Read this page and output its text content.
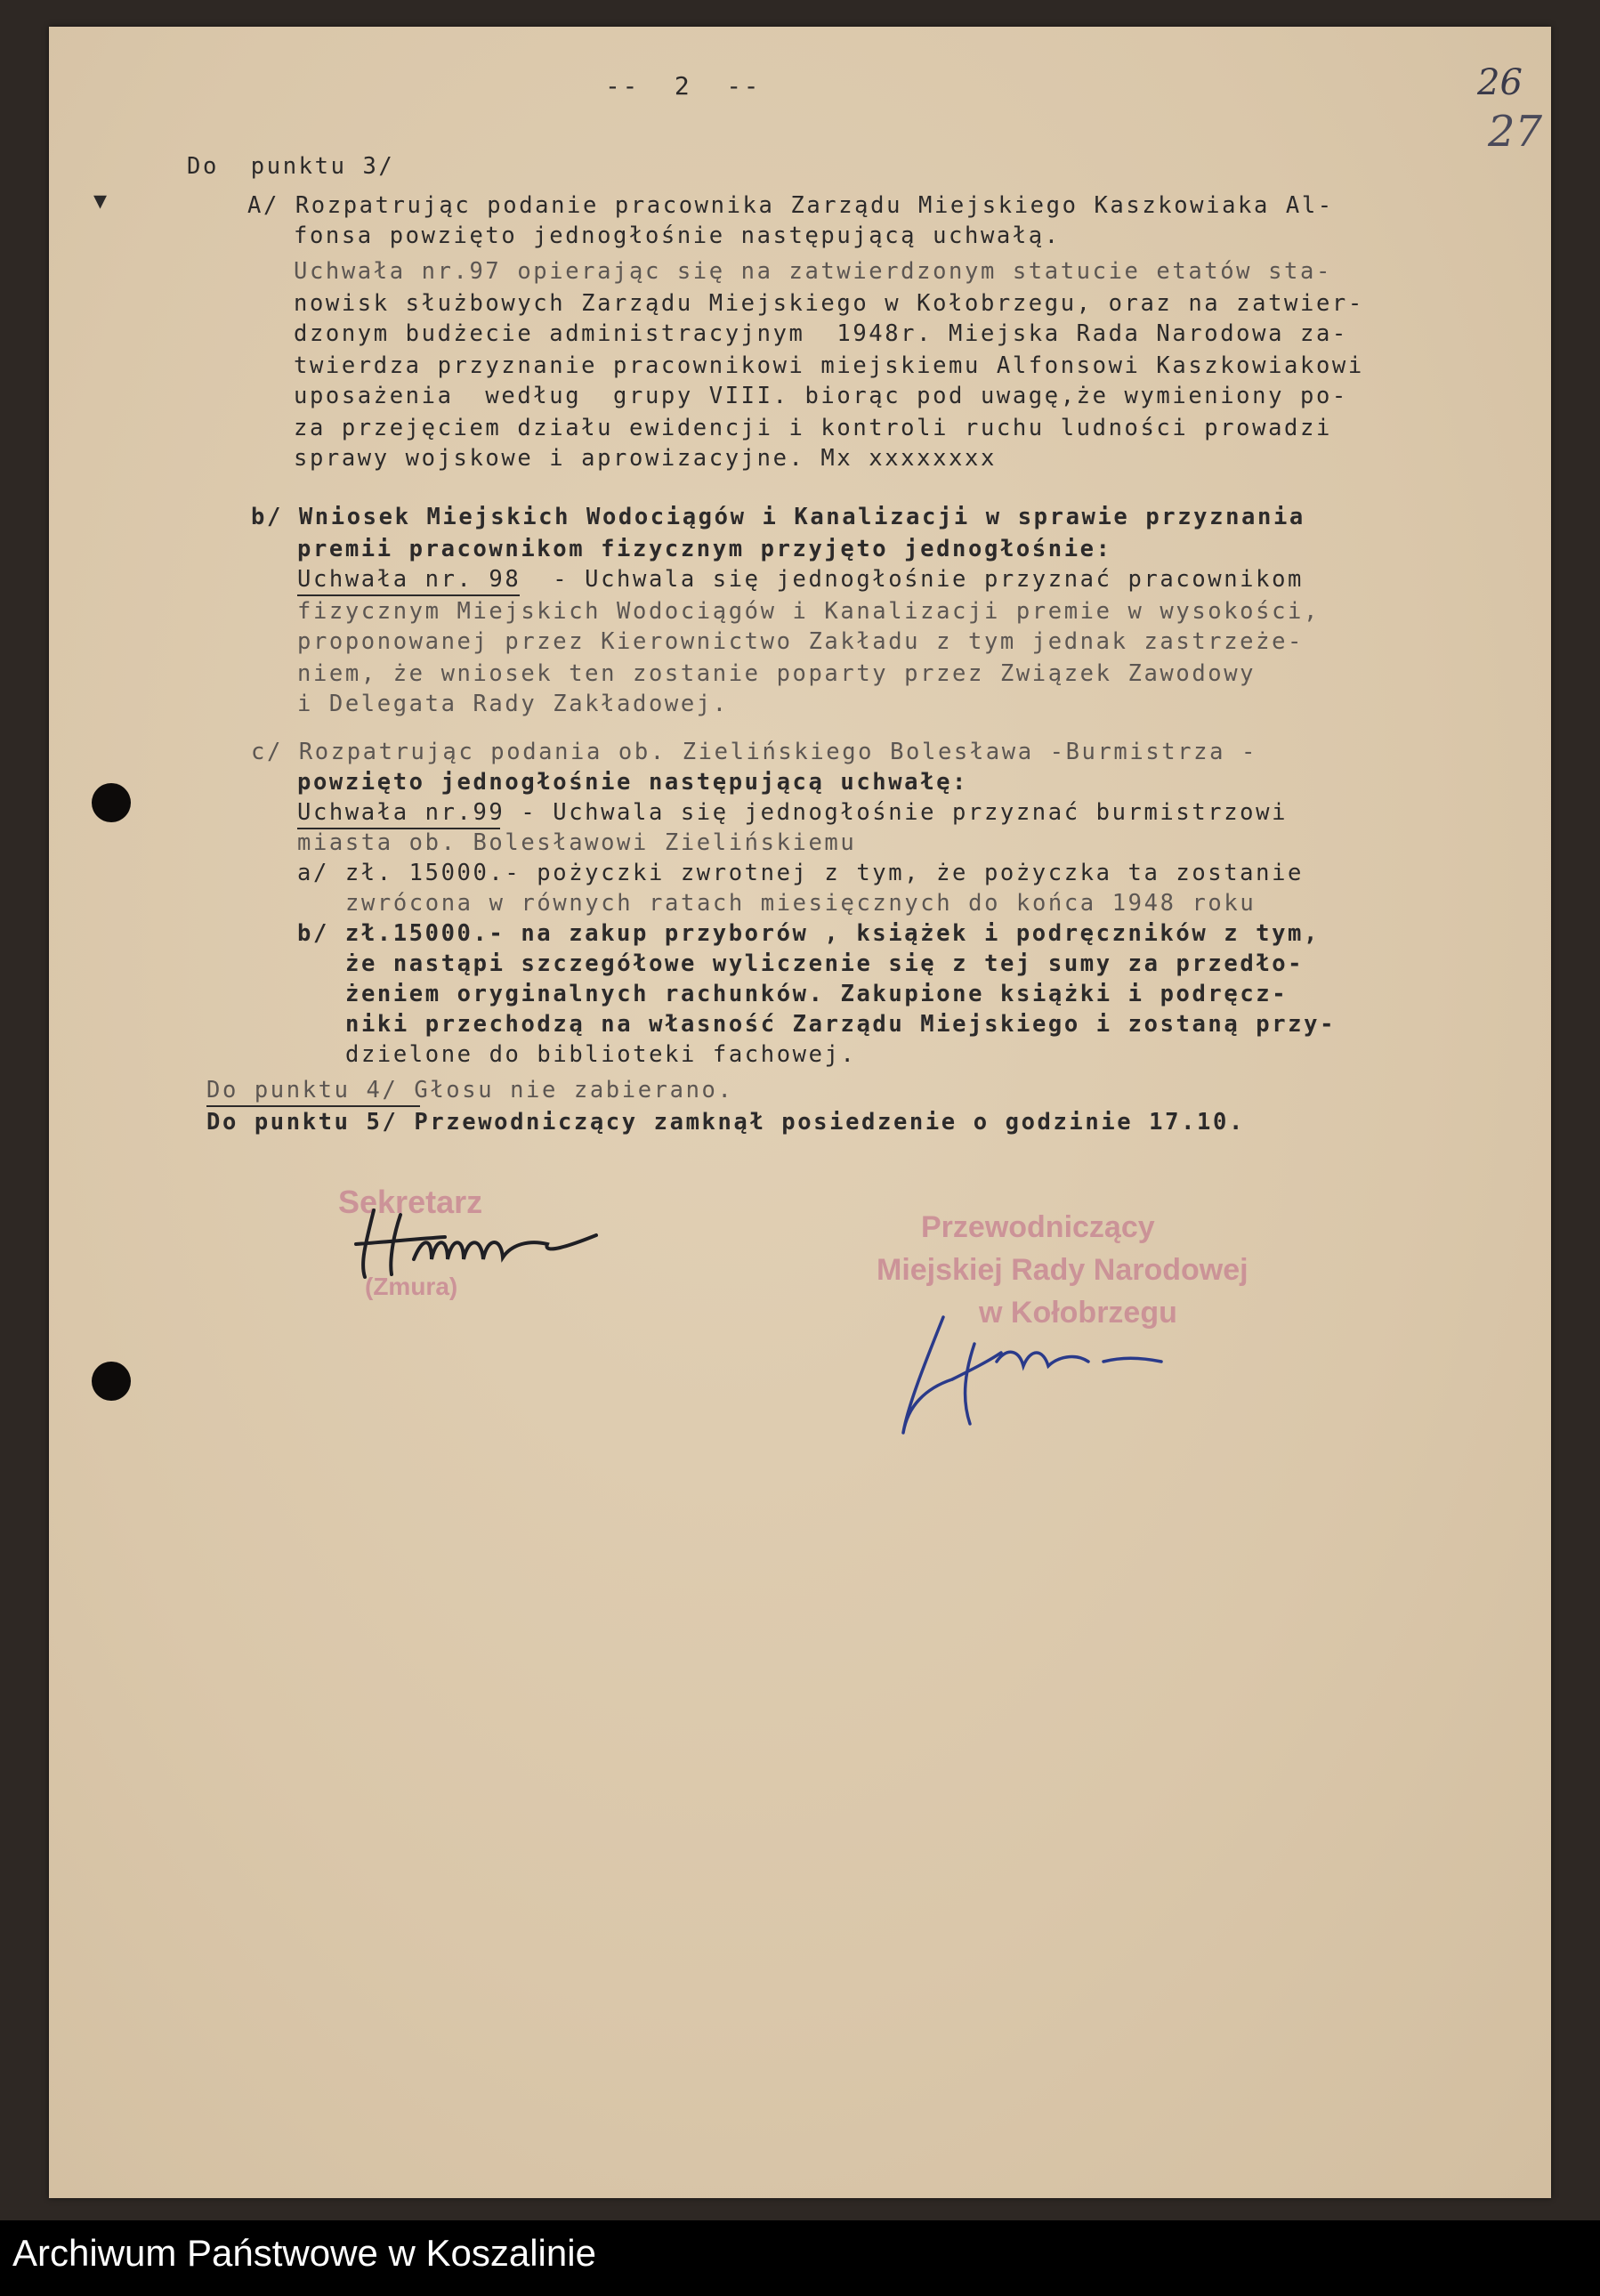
▾
--  2  --	26
27
Do  punktu 3/
A/ Rozpatrując podanie pracownika Zarządu Miejskiego Kaszkowiaka Al-
fonsa powzięto jednogłośnie następującą uchwałą.
Uchwała nr.97 opierając się na zatwierdzonym statucie etatów sta-
nowisk służbowych Zarządu Miejskiego w Kołobrzegu, oraz na zatwier-
dzonym budżecie administracyjnym  1948r. Miejska Rada Narodowa za-
twierdza przyznanie pracownikowi miejskiemu Alfonsowi Kaszkowiakowi
uposażenia  według  grupy VIII. biorąc pod uwagę,że wymieniony po-
za przejęciem działu ewidencji i kontroli ruchu ludności prowadzi
sprawy wojskowe i aprowizacyjne. Mx xxxxxxxx
b/ Wniosek Miejskich Wodociągów i Kanalizacji w sprawie przyznania
premii pracownikom fizycznym przyjęto jednogłośnie:
Uchwała nr. 98  - Uchwala się jednogłośnie przyznać pracownikom
fizycznym Miejskich Wodociągów i Kanalizacji premie w wysokości,
proponowanej przez Kierownictwo Zakładu z tym jednak zastrzeże-
niem, że wniosek ten zostanie poparty przez Związek Zawodowy
i Delegata Rady Zakładowej.
c/ Rozpatrując podania ob. Zielińskiego Bolesława -Burmistrza -
powzięto jednogłośnie następującą uchwałę:
Uchwała nr.99 - Uchwala się jednogłośnie przyznać burmistrzowi
miasta ob. Bolesławowi Zielińskiemu
a/ zł. 15000.- pożyczki zwrotnej z tym, że pożyczka ta zostanie
zwrócona w równych ratach miesięcznych do końca 1948 roku
b/ zł.15000.- na zakup przyborów , książek i podręczników z tym,
że nastąpi szczegółowe wyliczenie się z tej sumy za przedło-
żeniem oryginalnych rachunków. Zakupione książki i podręcz-
niki przechodzą na własność Zarządu Miejskiego i zostaną przy-
dzielone do biblioteki fachowej.
Do punktu 4/ Głosu nie zabierano.
Do punktu 5/ Przewodniczący zamknął posiedzenie o godzinie 17.10.
Sekretarz
(Zmura)
Przewodniczący
Miejskiej Rady Narodowej
w Kołobrzegu
Archiwum Państwowe w Koszalinie
